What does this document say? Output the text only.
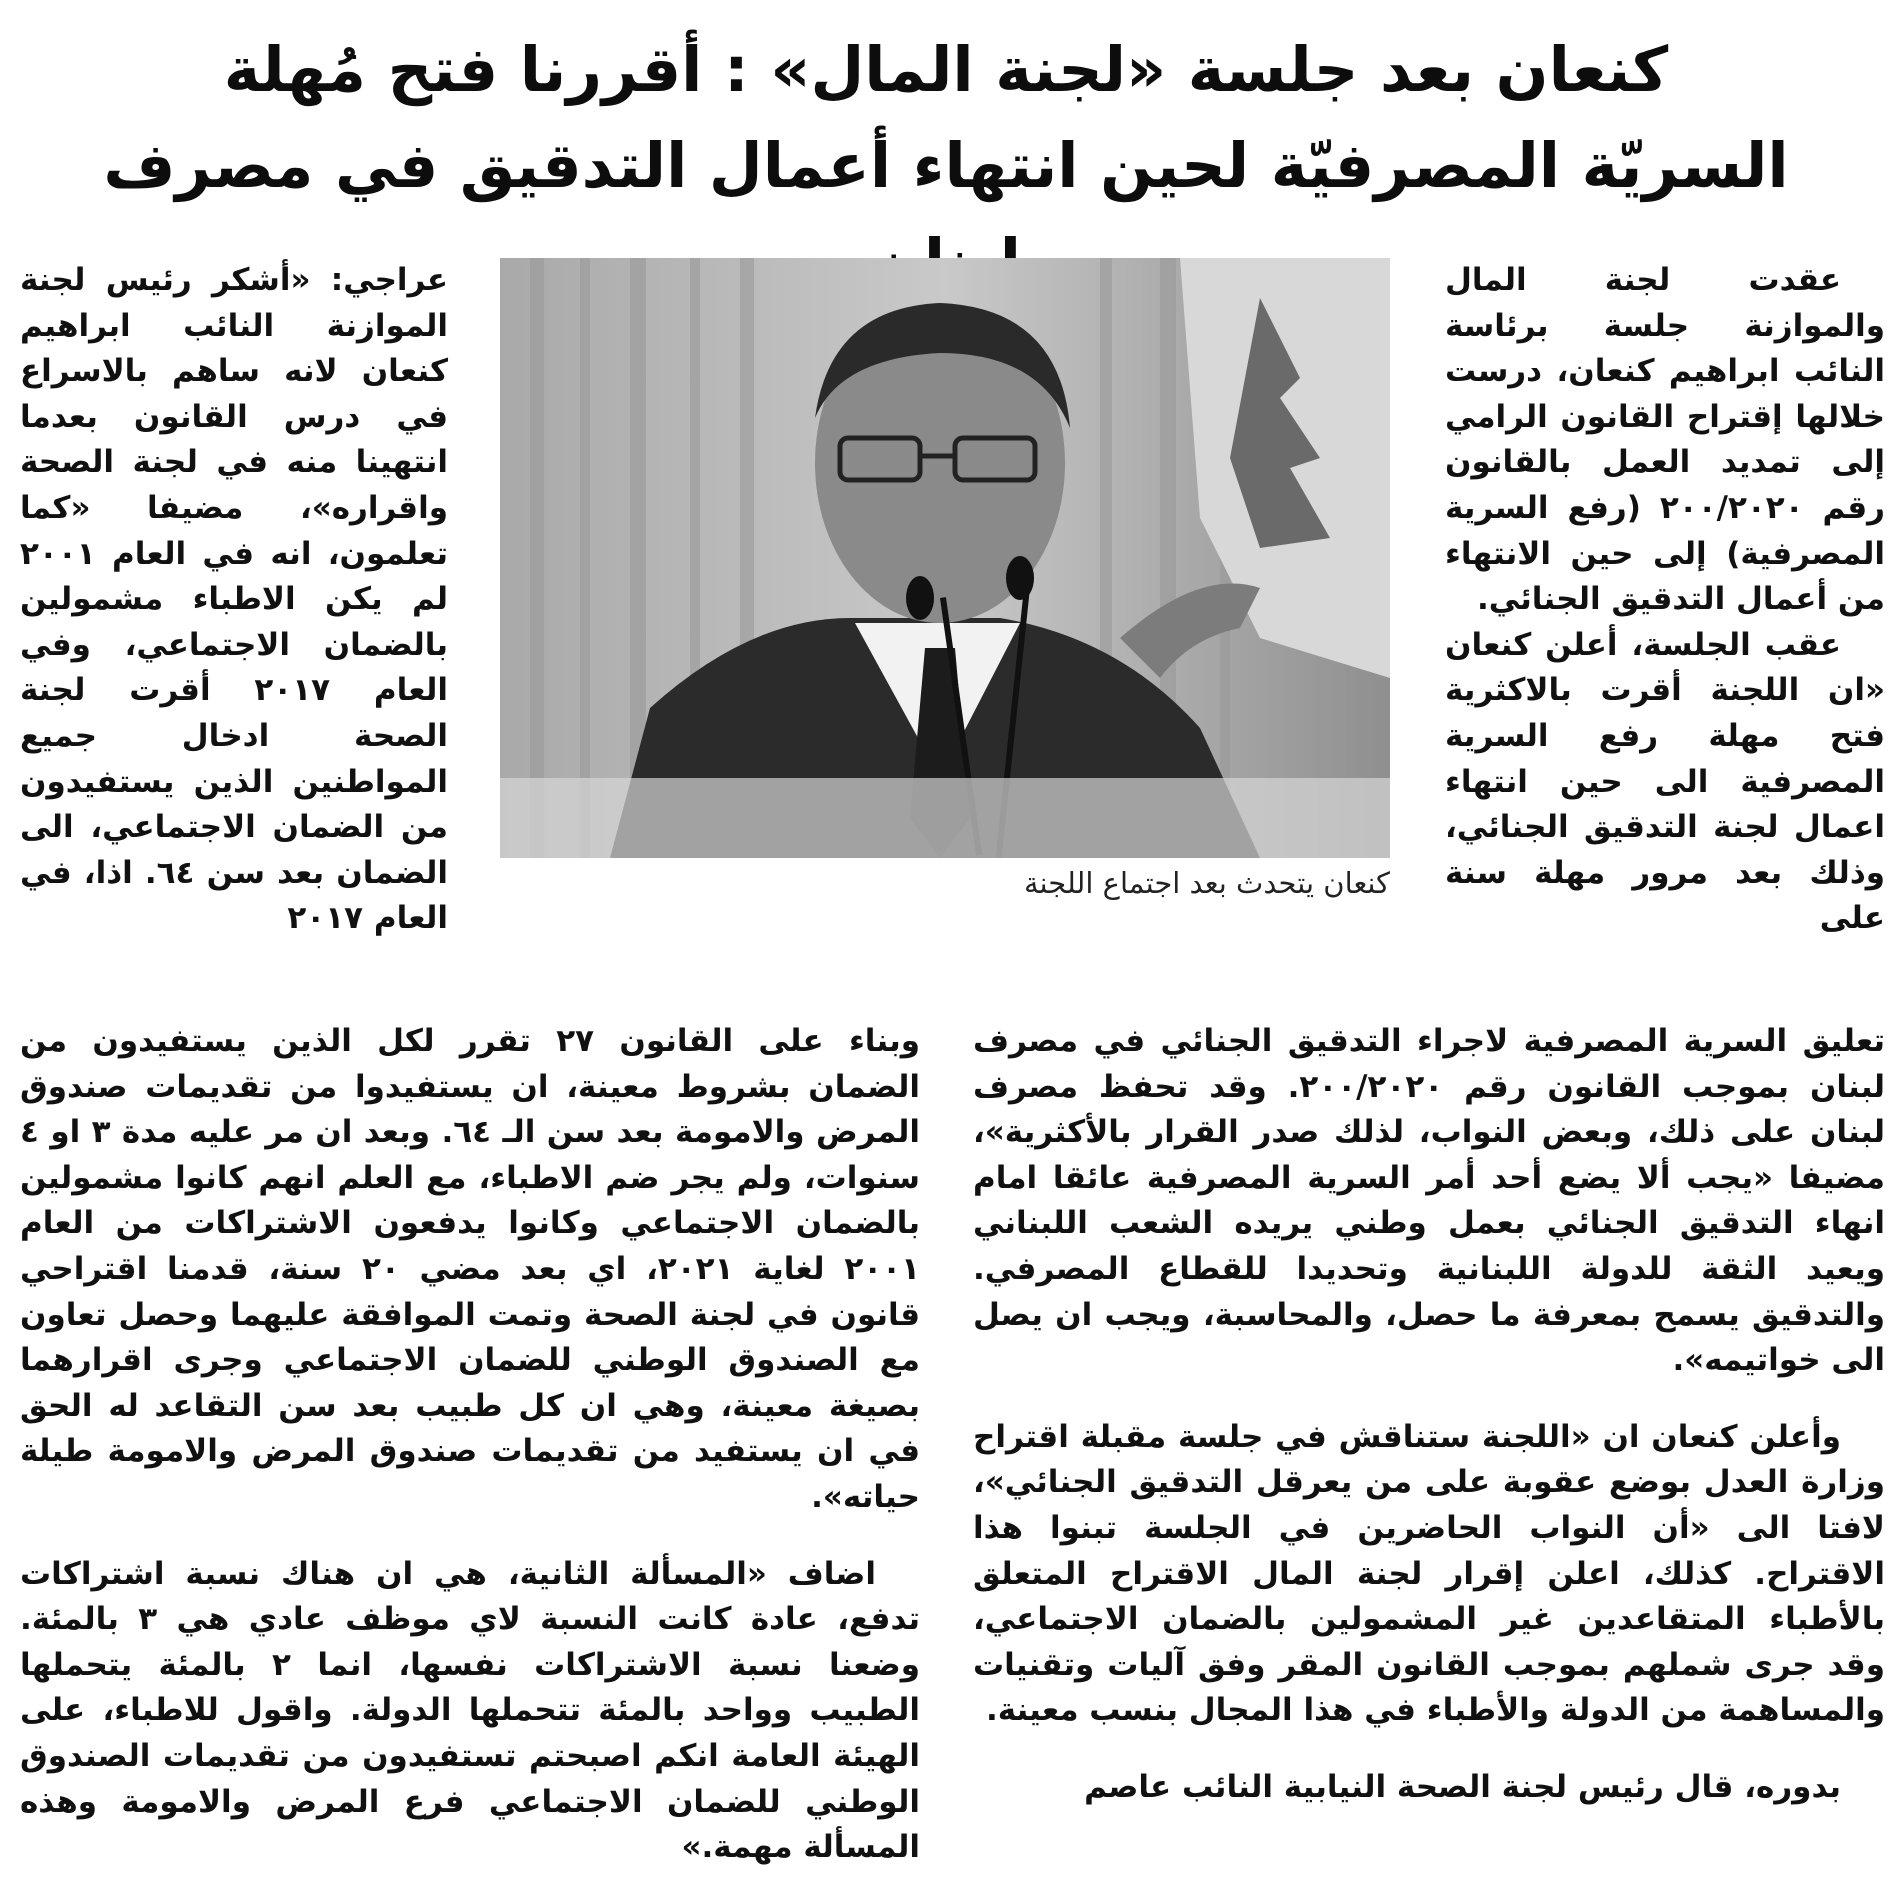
كنعان بعد جلسة «لجنة المال» : أقررنا فتح مُهلة
السريّة المصرفيّة لحين انتهاء أعمال التدقيق في مصرف

عقدت لجنة المال والموازنة جلسة برئاسة النائب ابراهيم كنعان، درست خلالها إقتراح القانون الرامي إلى تمديد العمل بالقانون رقم ٢٠٠/٢٠٢٠ (رفع السرية المصرفية) إلى حين الانتهاء من أعمال التدقيق الجنائي.

عقب الجلسة، أعلن كنعان «ان اللجنة أقرت بالاكثرية فتح مهلة رفع السرية المصرفية الى حين انتهاء اعمال لجنة التدقيق الجنائي، وذلك بعد مرور مهلة سنة على

كنعان يتحدث بعد اجتماع اللجنة

عراجي: «أشكر رئيس لجنة الموازنة النائب ابراهيم كنعان لانه ساهم بالاسراع في درس القانون بعدما انتهينا منه في لجنة الصحة واقراره»، مضيفا «كما تعلمون، انه في العام ٢٠٠١ لم يكن الاطباء مشمولين بالضمان الاجتماعي، وفي العام ٢٠١٧ أقرت لجنة الصحة ادخال جميع المواطنين الذين يستفيدون من الضمان الاجتماعي، الى الضمان بعد سن ٦٤. اذا، في العام ٢٠١٧

تعليق السرية المصرفية لاجراء التدقيق الجنائي في مصرف لبنان بموجب القانون رقم ٢٠٠/٢٠٢٠. وقد تحفظ مصرف لبنان على ذلك، وبعض النواب، لذلك صدر القرار بالأكثرية»، مضيفا «يجب ألا يضع أحد أمر السرية المصرفية عائقا امام انهاء التدقيق الجنائي بعمل وطني يريده الشعب اللبناني ويعيد الثقة للدولة اللبنانية وتحديدا للقطاع المصرفي. والتدقيق يسمح بمعرفة ما حصل، والمحاسبة، ويجب ان يصل الى خواتيمه».

وأعلن كنعان ان «اللجنة ستناقش في جلسة مقبلة اقتراح وزارة العدل بوضع عقوبة على من يعرقل التدقيق الجنائي»، لافتا الى «أن النواب الحاضرين في الجلسة تبنوا هذا الاقتراح. كذلك، اعلن إقرار لجنة المال الاقتراح المتعلق بالأطباء المتقاعدين غير المشمولين بالضمان الاجتماعي، وقد جرى شملهم بموجب القانون المقر وفق آليات وتقنيات والمساهمة من الدولة والأطباء في هذا المجال بنسب معينة.

بدوره، قال رئيس لجنة الصحة النيابية النائب عاصم

وبناء على القانون ٢٧ تقرر لكل الذين يستفيدون من الضمان بشروط معينة، ان يستفيدوا من تقديمات صندوق المرض والامومة بعد سن الـ ٦٤. وبعد ان مر عليه مدة ٣ او ٤ سنوات، ولم يجر ضم الاطباء، مع العلم انهم كانوا مشمولين بالضمان الاجتماعي وكانوا يدفعون الاشتراكات من العام ٢٠٠١ لغاية ٢٠٢١، اي بعد مضي ٢٠ سنة، قدمنا اقتراحي قانون في لجنة الصحة وتمت الموافقة عليهما وحصل تعاون مع الصندوق الوطني للضمان الاجتماعي وجرى اقرارهما بصيغة معينة، وهي ان كل طبيب بعد سن التقاعد له الحق في ان يستفيد من تقديمات صندوق المرض والامومة طيلة حياته».

اضاف «المسألة الثانية، هي ان هناك نسبة اشتراكات تدفع، عادة كانت النسبة لاي موظف عادي هي ٣ بالمئة. وضعنا نسبة الاشتراكات نفسها، انما ٢ بالمئة يتحملها الطبيب وواحد بالمئة تتحملها الدولة. واقول للاطباء، على الهيئة العامة انكم اصبحتم تستفيدون من تقديمات الصندوق الوطني للضمان الاجتماعي فرع المرض والامومة وهذه المسألة مهمة.»
